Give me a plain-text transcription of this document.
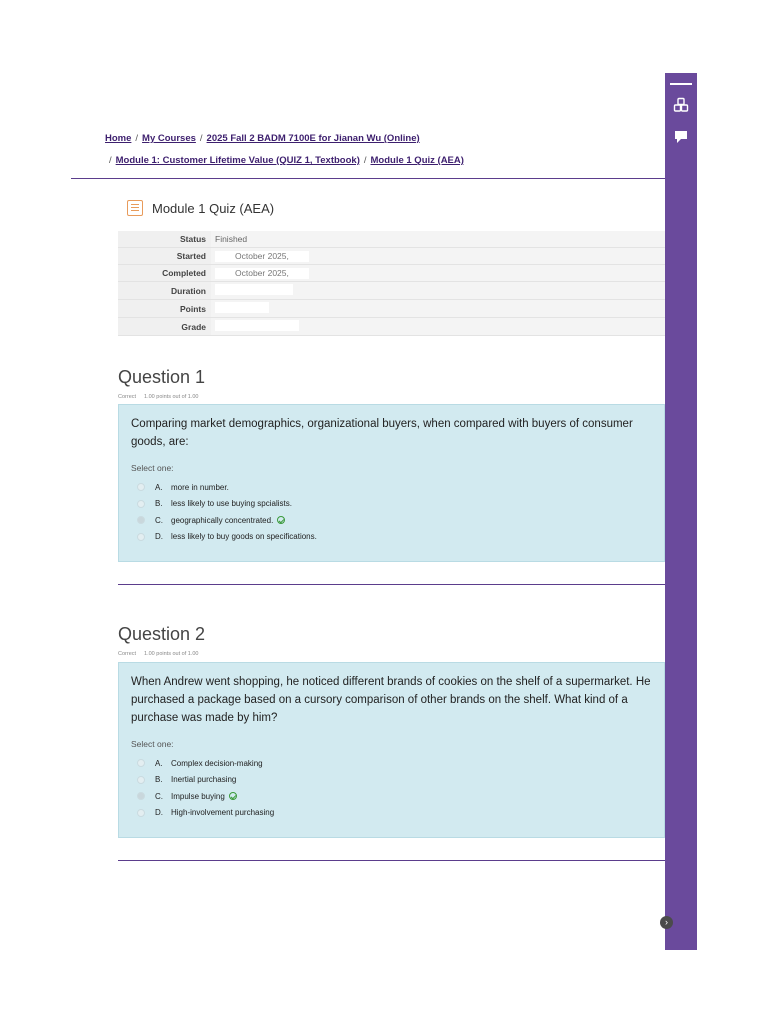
Home / My Courses / 2025 Fall 2 BADM 7100E for Jianan Wu (Online)
/ Module 1: Customer Lifetime Value (QUIZ 1, Textbook) / Module 1 Quiz (AEA)
Module 1 Quiz (AEA)
Status	Finished
Started	October 2025,
Completed	October 2025,
Duration	
Points	
Grade	
Question 1
Correct 1.00 points out of 1.00

Comparing market demographics, organizational buyers, when compared with buyers of consumer goods, are:

Select one:
A.	more in number.
B.	less likely to use buying spcialists.
C.	geographically concentrated.
D.	less likely to buy goods on specifications.
Question 2
Correct 1.00 points out of 1.00

When Andrew went shopping, he noticed different brands of cookies on the shelf of a supermarket. He purchased a package based on a cursory comparison of other brands on the shelf. What kind of a purchase was made by him?

Select one:
A.	Complex decision-making
B.	Inertial purchasing
C.	Impulse buying
D.	High-involvement purchasing
›
